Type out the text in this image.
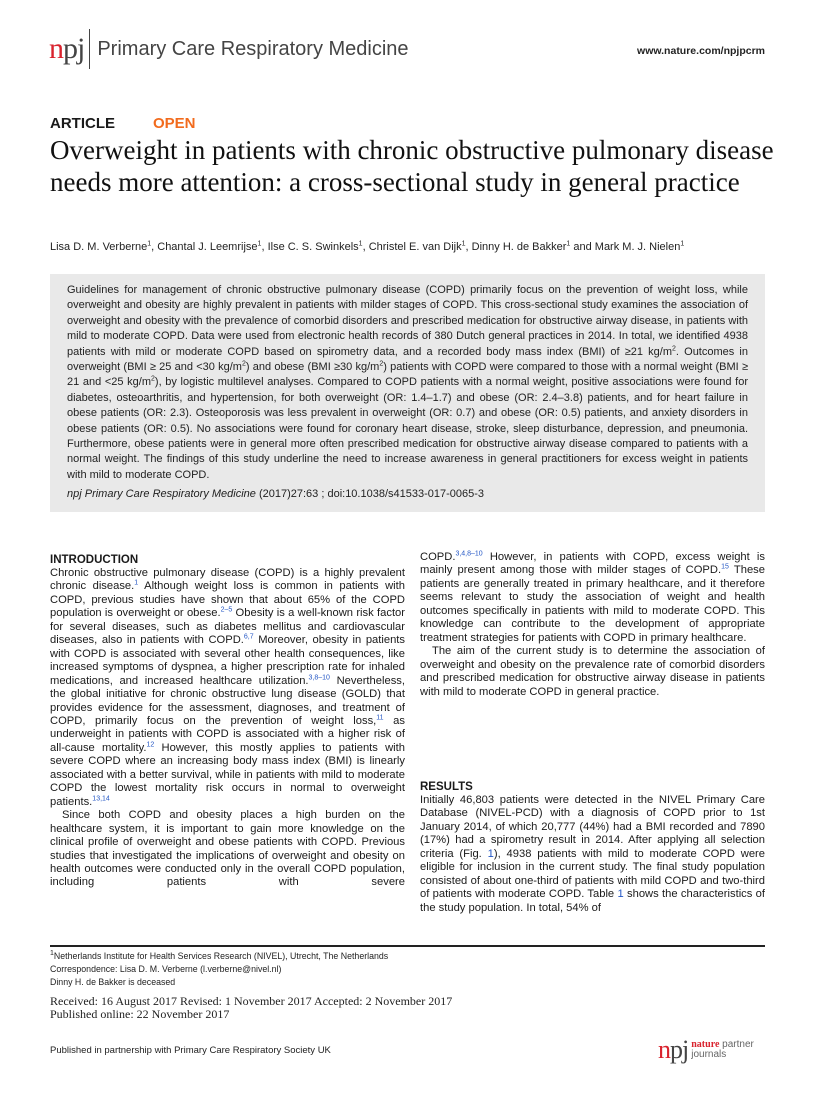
npj Primary Care Respiratory Medicine	www.nature.com/npjpcrm
ARTICLE	OPEN
Overweight in patients with chronic obstructive pulmonary disease needs more attention: a cross-sectional study in general practice
Lisa D. M. Verberne$^1$, Chantal J. Leemrijse$^1$, Ilse C. S. Swinkels$^1$, Christel E. van Dijk$^1$, Dinny H. de Bakker$^1$ and Mark M. J. Nielen$^1$
Guidelines for management of chronic obstructive pulmonary disease (COPD) primarily focus on the prevention of weight loss, while overweight and obesity are highly prevalent in patients with milder stages of COPD. This cross-sectional study examines the association of overweight and obesity with the prevalence of comorbid disorders and prescribed medication for obstructive airway disease, in patients with mild to moderate COPD. Data were used from electronic health records of 380 Dutch general practices in 2014. In total, we identified 4938 patients with mild or moderate COPD based on spirometry data, and a recorded body mass index (BMI) of ≥21 $kg/m^2$. Outcomes in overweight (BMI ≥ 25 and <30 $kg/m^2$) and obese (BMI ≥30 $kg/m^2$) patients with COPD were compared to those with a normal weight (BMI ≥ 21 and <25 $kg/m^2$), by logistic multilevel analyses. Compared to COPD patients with a normal weight, positive associations were found for diabetes, osteoarthritis, and hypertension, for both overweight (OR: 1.4–1.7) and obese (OR: 2.4–3.8) patients, and for heart failure in obese patients (OR: 2.3). Osteoporosis was less prevalent in overweight (OR: 0.7) and obese (OR: 0.5) patients, and anxiety disorders in obese patients (OR: 0.5). No associations were found for coronary heart disease, stroke, sleep disturbance, depression, and pneumonia. Furthermore, obese patients were in general more often prescribed medication for obstructive airway disease compared to patients with a normal weight. The findings of this study underline the need to increase awareness in general practitioners for excess weight in patients with mild to moderate COPD.
npj Primary Care Respiratory Medicine (2017)27:63 ; doi:10.1038/s41533-017-0065-3
INTRODUCTION

Chronic obstructive pulmonary disease (COPD) is a highly prevalent chronic disease.$^1$ Although weight loss is common in patients with COPD, previous studies have shown that about 65% of the COPD population is overweight or obese.$^{2-5}$ Obesity is a well-known risk factor for several diseases, such as diabetes mellitus and cardiovascular diseases, also in patients with COPD.$^{6,7}$ Moreover, obesity in patients with COPD is associated with several other health consequences, like increased symptoms of dyspnea, a higher prescription rate for inhaled medications, and increased healthcare utilization.$^{3,8-10}$ Nevertheless, the global initiative for chronic obstructive lung disease (GOLD) that provides evidence for the assessment, diagnoses, and treatment of COPD, primarily focus on the prevention of weight loss,$^{11}$ as underweight in patients with COPD is associated with a higher risk of all-cause mortality.$^{12}$ However, this mostly applies to patients with severe COPD where an increasing body mass index (BMI) is linearly associated with a better survival, while in patients with mild to moderate COPD the lowest mortality risk occurs in normal to overweight patients.$^{13,14}$

Since both COPD and obesity places a high burden on the healthcare system, it is important to gain more knowledge on the clinical profile of overweight and obese patients with COPD. Previous studies that investigated the implications of overweight and obesity on health outcomes were conducted only in the overall COPD population, including patients with severe

COPD.$^{3,4,8-10}$ However, in patients with COPD, excess weight is mainly present among those with milder stages of COPD.$^{15}$ These patients are generally treated in primary healthcare, and it therefore seems relevant to study the association of weight and health outcomes specifically in patients with mild to moderate COPD. This knowledge can contribute to the development of appropriate treatment strategies for patients with COPD in primary healthcare.

The aim of the current study is to determine the association of overweight and obesity on the prevalence rate of comorbid disorders and prescribed medication for obstructive airway disease in patients with mild to moderate COPD in general practice.

RESULTS

Initially 46,803 patients were detected in the NIVEL Primary Care Database (NIVEL-PCD) with a diagnosis of COPD prior to 1st January 2014, of which 20,777 (44%) had a BMI recorded and 7890 (17%) had a spirometry result in 2014. After applying all selection criteria (Fig. 1), 4938 patients with mild to moderate COPD were eligible for inclusion in the current study. The final study population consisted of about one-third of patients with mild COPD and two-third of patients with moderate COPD. Table 1 shows the characteristics of the study population. In total, 54% of

$^1$Netherlands Institute for Health Services Research (NIVEL), Utrecht, The Netherlands
Correspondence: Lisa D. M. Verberne (l.verberne@nivel.nl)
Dinny H. de Bakker is deceased
Received: 16 August 2017 Revised: 1 November 2017 Accepted: 2 November 2017
Published online: 22 November 2017
Published in partnership with Primary Care Respiratory Society UK	npj nature partner
journals
